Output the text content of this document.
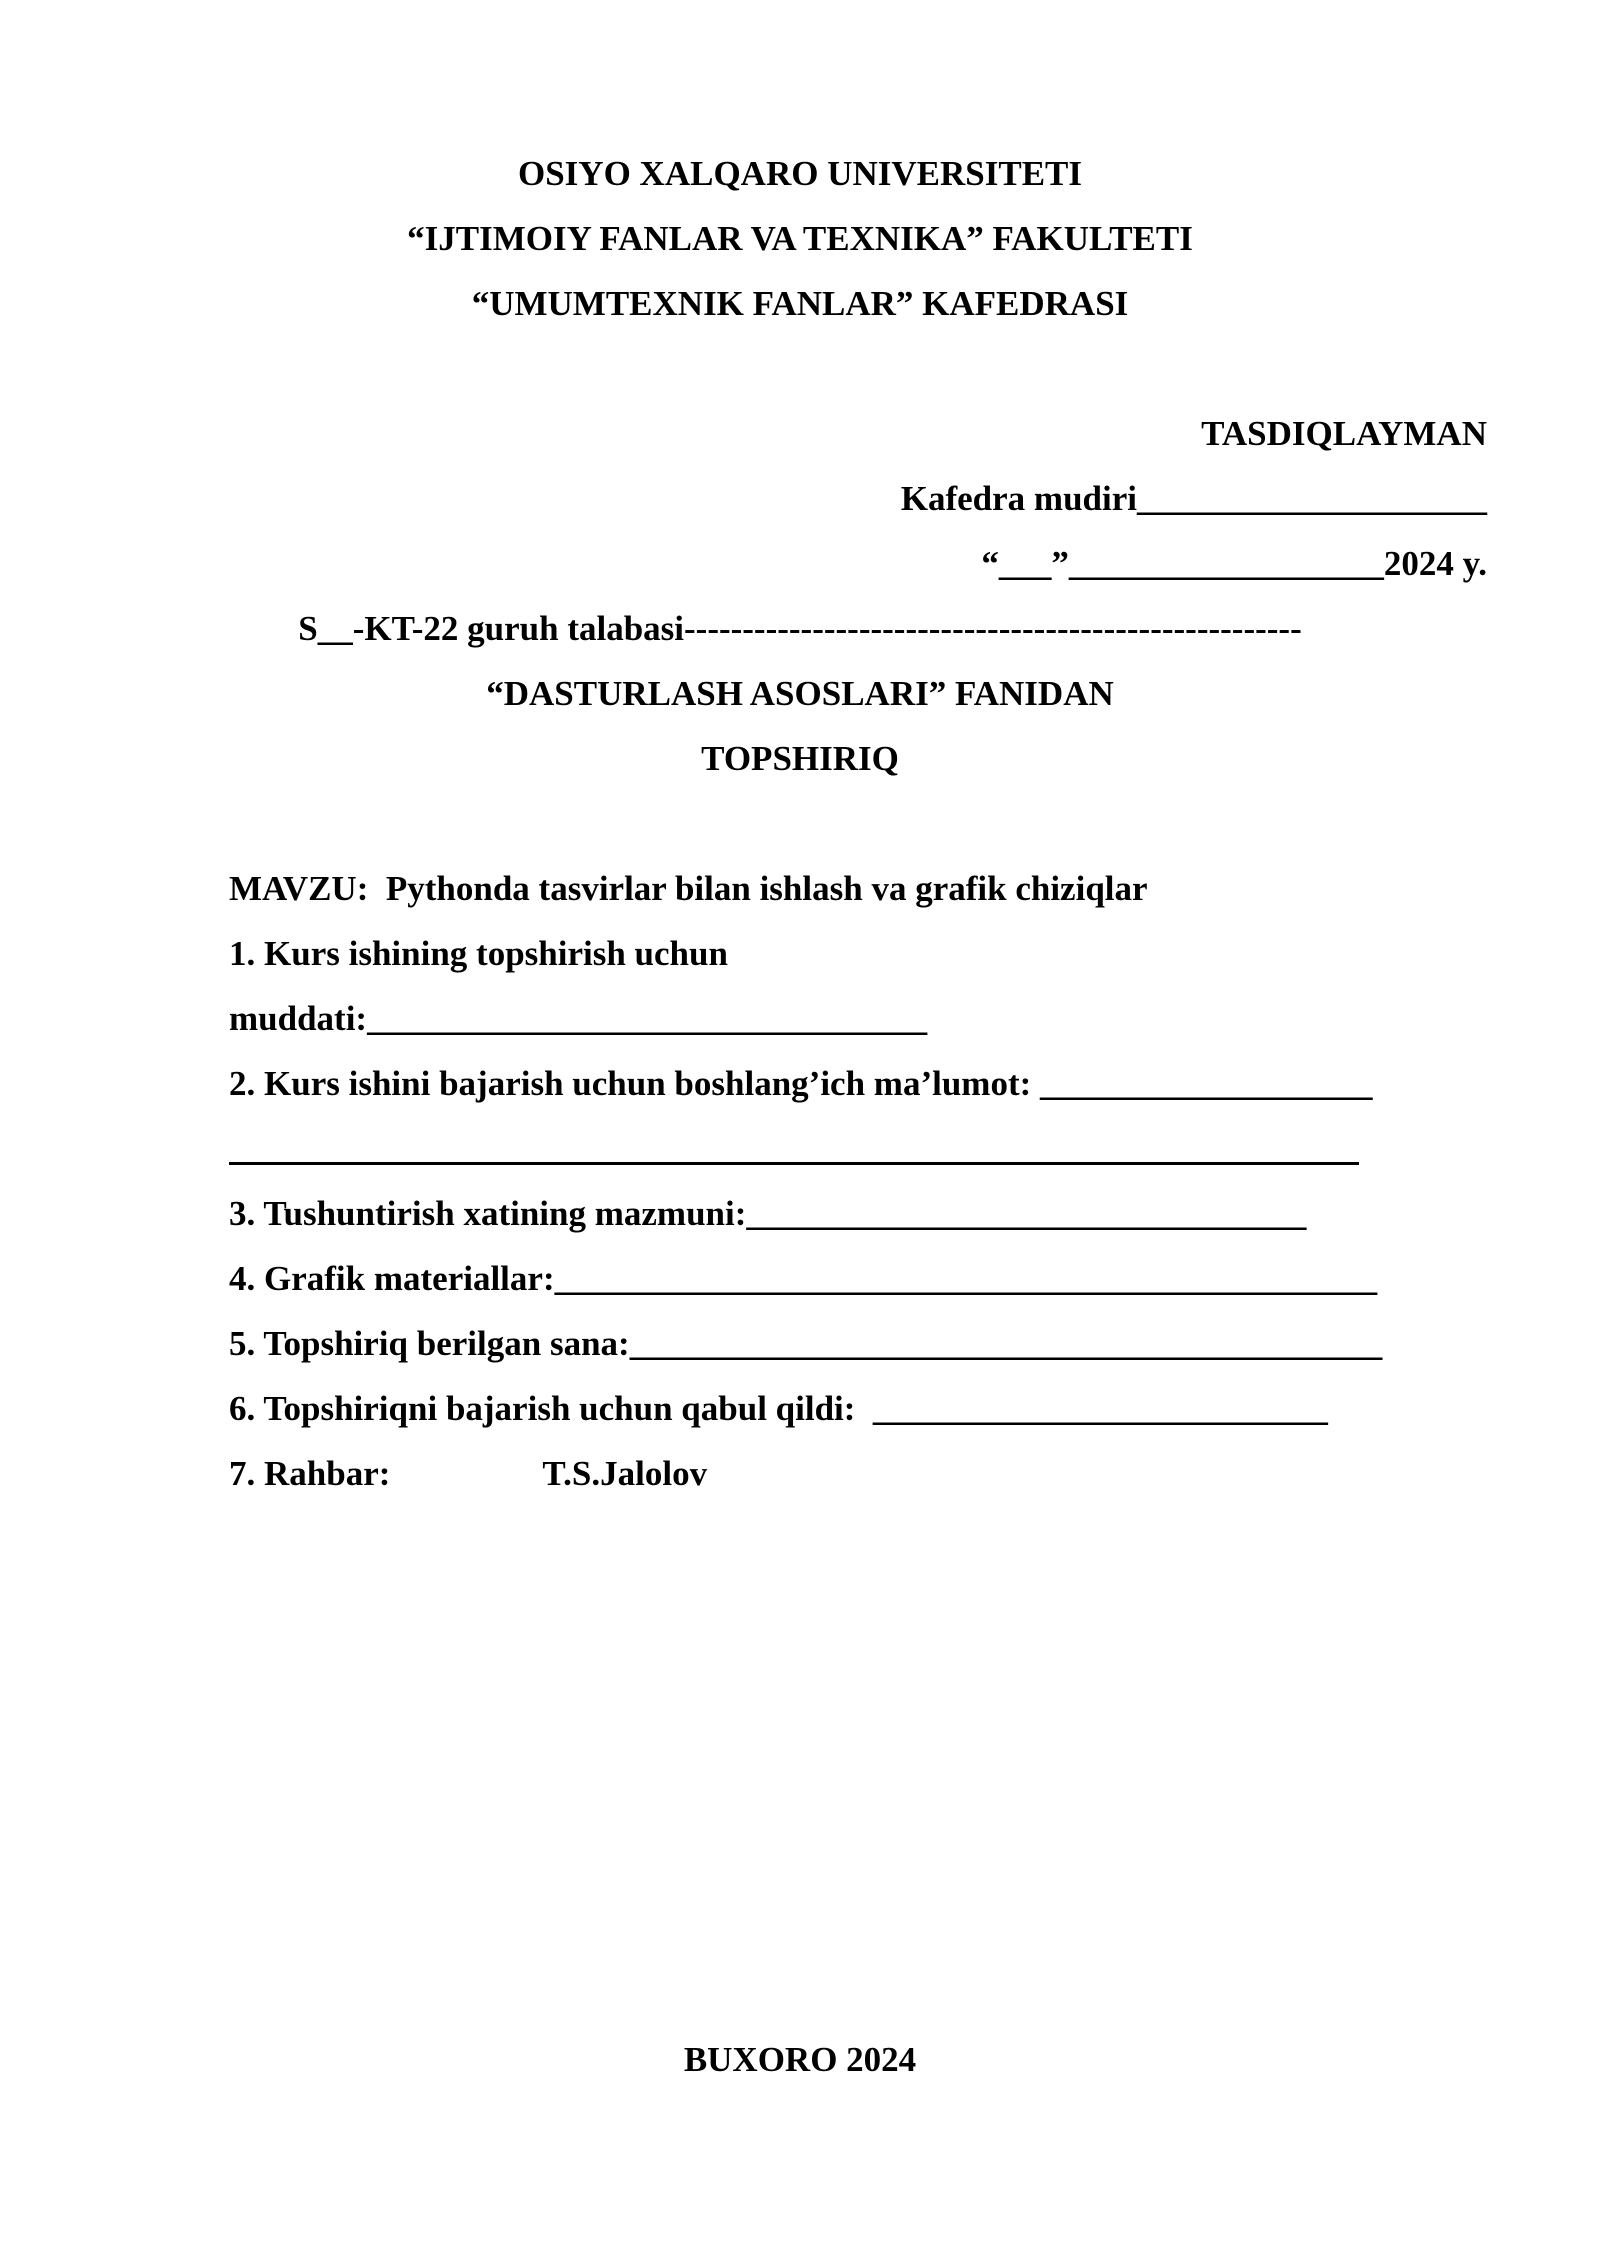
OSIYO XALQARO UNIVERSITETI
“IJTIMOIY FANLAR VA TEXNIKA” FAKULTETI
“UMUMTEXNIK FANLAR” KAFEDRASI
TASDIQLAYMAN
Kafedra mudiri____________________
“___”__________________2024 y.
S__-KT-22 guruh talabasi-----------------------------------------------------
“DASTURLASH ASOSLARI” FANIDAN
TOPSHIRIQ
MAVZU: Pythonda tasvirlar bilan ishlash va grafik chiziqlar
1. Kurs ishining topshirish uchun
muddati:________________________________
2. Kurs ishini bajarish uchun boshlang’ich ma’lumot: ___________________
3. Tushuntirish xatining mazmuni:________________________________
4. Grafik materiallar:_______________________________________________
5. Topshiriq berilgan sana:___________________________________________
6. Topshiriqni bajarish uchun qabul qildi:  __________________________
7. Rahbar:	T.S.Jalolov
BUXORO 2024
